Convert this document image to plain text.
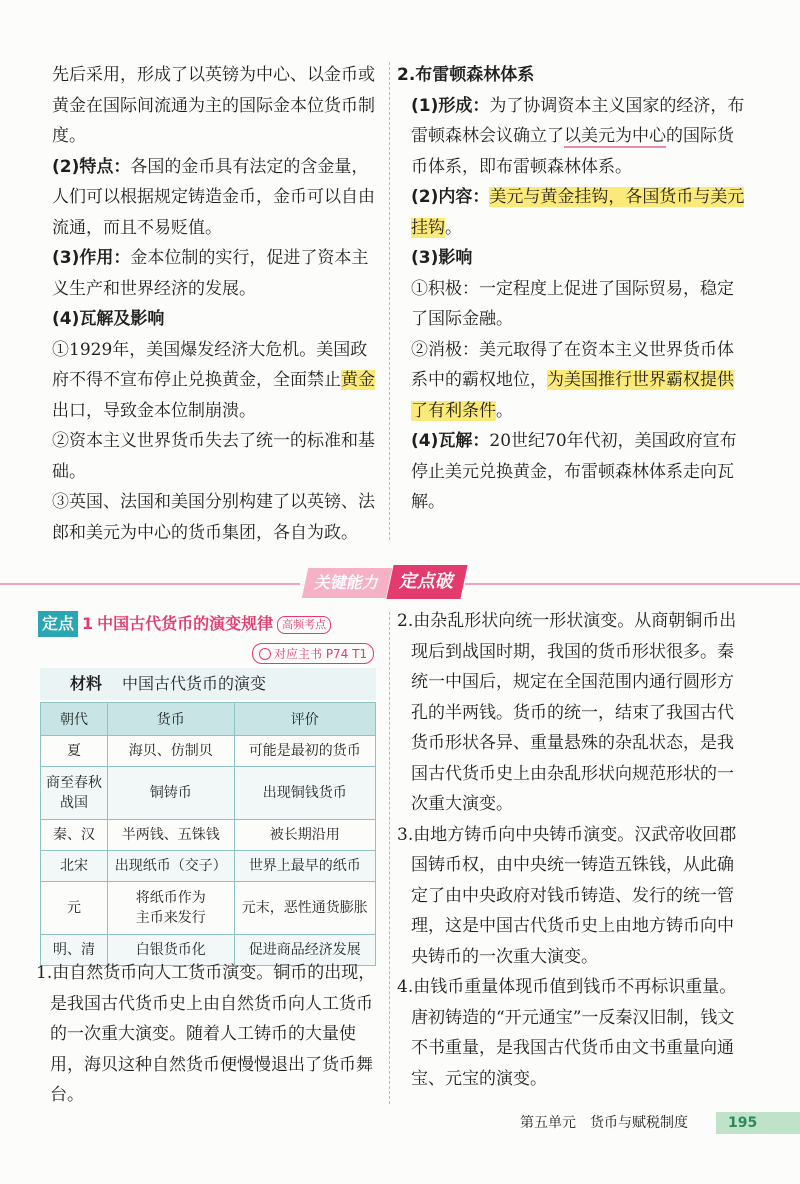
先后采用，形成了以英镑为中心、以金币或黄金在国际间流通为主的国际金本位货币制度。

(2)特点：各国的金币具有法定的含金量，人们可以根据规定铸造金币，金币可以自由流通，而且不易贬值。

(3)作用：金本位制的实行，促进了资本主义生产和世界经济的发展。

(4)瓦解及影响

①1929年，美国爆发经济大危机。美国政府不得不宣布停止兑换黄金，全面禁止黄金出口，导致金本位制崩溃。

②资本主义世界货币失去了统一的标准和基础。

③英国、法国和美国分别构建了以英镑、法郎和美元为中心的货币集团，各自为政。

2.布雷顿森林体系

(1)形成：为了协调资本主义国家的经济，布雷顿森林会议确立了以美元为中心的国际货币体系，即布雷顿森林体系。

(2)内容：美元与黄金挂钩，各国货币与美元挂钩。

(3)影响

①积极：一定程度上促进了国际贸易，稳定了国际金融。

②消极：美元取得了在资本主义世界货币体系中的霸权地位，为美国推行世界霸权提供了有利条件。

(4)瓦解：20世纪70年代初，美国政府宣布停止美元兑换黄金，布雷顿森林体系走向瓦解。

关键能力 定点破
定点 1 中国古代货币的演变规律 高频考点
对应主书 P74 T1
材料 中国古代货币的演变
朝代	货币	评价
夏	海贝、仿制贝	可能是最初的货币
商至春秋
战国	铜铸币	出现铜钱货币
秦、汉	半两钱、五铢钱	被长期沿用
北宋	出现纸币（交子）	世界上最早的纸币
元	将纸币作为
主币来发行	元末，恶性通货膨胀
明、清	白银货币化	促进商品经济发展

1.由自然货币向人工货币演变。铜币的出现，是我国古代货币史上由自然货币向人工货币的一次重大演变。随着人工铸币的大量使用，海贝这种自然货币便慢慢退出了货币舞台。

2.由杂乱形状向统一形状演变。从商朝铜币出现后到战国时期，我国的货币形状很多。秦统一中国后，规定在全国范围内通行圆形方孔的半两钱。货币的统一，结束了我国古代货币形状各异、重量悬殊的杂乱状态，是我国古代货币史上由杂乱形状向规范形状的一次重大演变。

3.由地方铸币向中央铸币演变。汉武帝收回郡国铸币权，由中央统一铸造五铢钱，从此确定了由中央政府对钱币铸造、发行的统一管理，这是中国古代货币史上由地方铸币向中央铸币的一次重大演变。

4.由钱币重量体现币值到钱币不再标识重量。唐初铸造的“开元通宝”一反秦汉旧制，钱文不书重量，是我国古代货币由文书重量向通宝、元宝的演变。

第五单元　货币与赋税制度	195
